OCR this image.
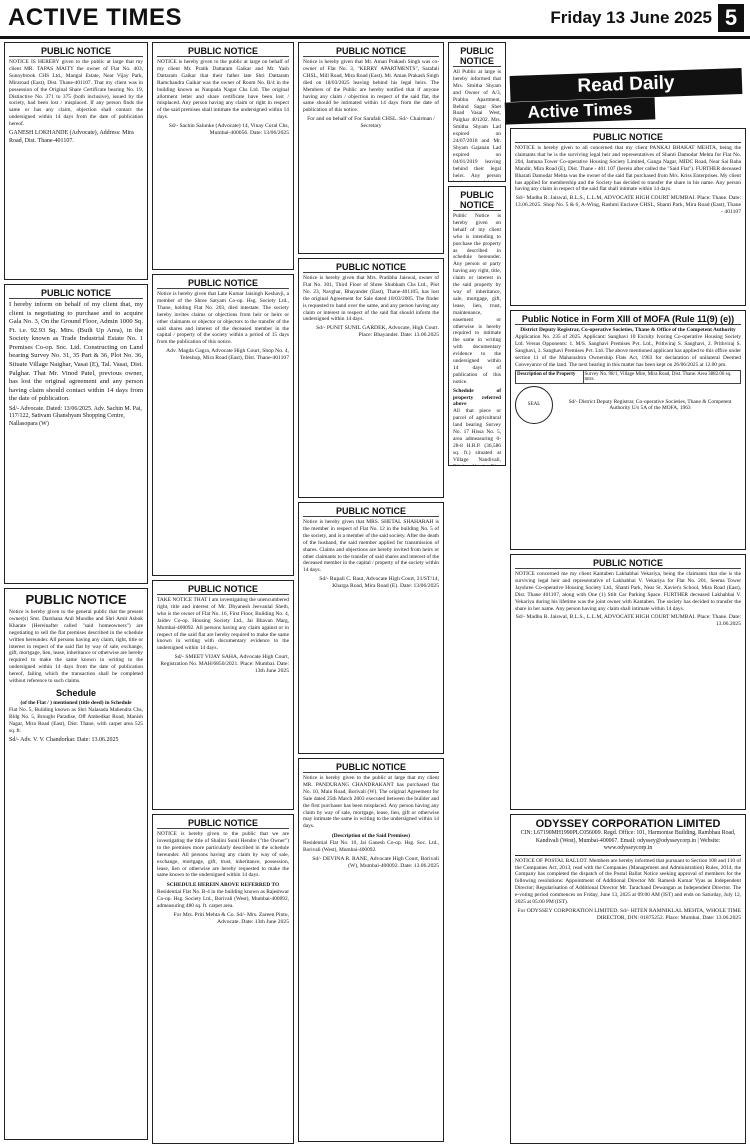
ACTIVE TIMES	Friday 13 June 2025 5
PUBLIC NOTICE
NOTICE IS HEREBY given to the public at large that my client MR. TAPAS MAITY the owner of Flat No. 403, Sunnybrook CHS Ltd., Mangal Estate, Near Vijay Park, Miraroad (East), Dist. Thane-401107. That my client was in possession of the Original Share Certificate bearing No. 19, Distinctive No. 371 to 375 (both inclusive), issued by the society, had been lost / misplaced. If any person finds the same or has any claim, objection shall contact the undersigned within 14 days from the date of publication hereof.
GANESH LOKHANDE (Advocate), Address: Mira Road, Dist. Thane-401107.
PUBLIC NOTICE
I hereby inform on behalf of my client that, my client is negotiating to purchase and to acquire Gala No. 3, On the Ground Floor, Admin 1000 Sq. Ft. i.e. 92.93 Sq. Mtrs. (Built Up Area), in the Society known as Trade Industrial Estate No. 1 Premises Co-op. Soc. Ltd. Constructing on Land bearing Survey No. 31, 35 Part & 36, Plot No. 36, Situate Village Naighar, Vasai (E), Tal. Vasai, Dist. Palghar. That Mr. Vinod Patel, previous owner, has lost the original agreement and any person having claim should contact within 14 days from the date of publication.
Sd/- Advocate. Dated: 13/06/2025. Adv. Sachin M. Pai, 117/122, Sativam Ghanshyam Shopping Centre, Nallasopara (W)
PUBLIC NOTICE
Notice is hereby given to the general public that the present owner(s) Smt. Darshana Anil Mundhe and Shri Amit Ashok Kharate (Hereinafter called "said homeowners") are negotiating to sell the flat premises described in the schedule written hereunder. All persons having any claim, right, title or interest in respect of the said flat by way of sale, exchange, gift, mortgage, lien, lease, inheritance or otherwise are hereby required to make the same known in writing to the undersigned within 14 days from the date of publication hereof, failing which the transaction shall be completed without reference to such claims.
Schedule
(of the Flat / ) mentioned (title deed) in Schedule
Flat No. 5, Building known as Shri Nalasada Mahendra Chs, Bldg No. 5, Brought Paradise, Off Ambedkar Road, Manish Nagar, Mira Road (East), Dist. Thane, with carpet area 525 sq. ft.
Sd/- Adv. V. V. Chandorkar. Date: 13.06.2025
PUBLIC NOTICE
NOTICE is hereby given to the public at large on behalf of my client Mr. Pratik Dattaram Gaikar and Mr. Yash Dattaram Gaikar that their father late Shri Dattaram Ramchandra Gaikar was the owner of Room No. B/4 in the building known as Naupada Nagar Chs Ltd. The original allotment letter and share certificate have been lost / misplaced. Any person having any claim or right in respect of the said premises shall intimate the undersigned within 14 days.
Sd/- Sachin Salunke (Advocate) 14, Vinay Coral Chs, Mumbai-400056. Date: 13/06/2025
PUBLIC NOTICE
Notice is hereby given that Late Kumar Jaisingh Keshavji, a member of the Shree Satyam Co-op. Hsg. Society Ltd., Thane, holding Flat No. 203, died intestate. The society hereby invites claims or objections from heir or heirs or other claimants or objector or objectors to the transfer of the said shares and interest of the deceased member in the capital / property of the society within a period of 15 days from the publication of this notice.
Adv. Magda Gagra, Advocate High Court, Shop No. 4, Teleshop, Mira Road (East), Dist. Thane-401107
PUBLIC NOTICE
TAKE NOTICE THAT I am investigating the unencumbered right, title and interest of Mr. Dhyanesh Jeevanlal Sheth, who is the owner of Flat No. 16, First Floor, Building No. 4, Jaidev Co-op. Housing Society Ltd., Jai Bhavan Marg, Mumbai-400092. All persons having any claim against or in respect of the said flat are hereby required to make the same known in writing with documentary evidence to the undersigned within 14 days.
Sd/- SMEET VIJAY SAHA, Advocate High Court, Registration No. MAH/6850/2021. Place: Mumbai. Date: 13th June 2025
PUBLIC NOTICE
NOTICE is hereby given to the public that we are investigating the title of Shalini Sunil Hendre ("the Owner") to the premises more particularly described in the schedule hereunder. All persons having any claim by way of sale, exchange, mortgage, gift, trust, inheritance, possession, lease, lien or otherwise are hereby requested to make the same known to the undersigned within 14 days.
SCHEDULE HEREIN ABOVE REFERRED TO
Residential Flat No. B-4 in the building known as Rajeshwar Co-op. Hsg. Society Ltd., Borivali (West), Mumbai-400092, admeasuring 480 sq. ft. carpet area.
For Mrs. Priti Mehta & Co. Sd/- Mrs. Zareen Pinto, Advocate. Date: 13th June 2025
PUBLIC NOTICE
Notice is hereby given that Mr. Aman Prakash Singh was co-owner of Flat No. 3, "KERRY APARTMENTS", Sarafali CHSL, Mill Road, Mira Road (East). Mr. Aman Prakash Singh died on 18/03/2025 leaving behind his legal heirs. The Members of the Public are hereby notified that if anyone having any claim / objection in respect of the said flat, the same should be intimated within 14 days from the date of publication of this notice.
For and on behalf of For Sarafali CHSL. Sd/- Chairman / Secretary
PUBLIC NOTICE
Notice is hereby given that Mrs. Pratibha Jaiswal, owner of Flat No. 301, Third Floor of Shree Shubham Chs Ltd., Plot No. 23, Navghar, Bhayander (East), Thane-401105, has lost the original Agreement for Sale dated 18/03/2005. The finder is requested to hand over the same, and any person having any claim or interest in respect of the said flat should inform the undersigned within 14 days.
Sd/- PUNIT SUNIL GARDEK, Advocate, High Court. Place: Bhayander. Date: 13.06.2025
PUBLIC NOTICE
Notice is hereby given that MRS. SHETAL SHAHARAH is the member in respect of Flat No. 12 in the building No. 5 of the society, and is a member of the said society. After the death of the husband, the said member applied for transmission of shares. Claims and objections are hereby invited from heirs or other claimants to the transfer of said shares and interest of the deceased member in the capital / property of the society within 14 days.
Sd/- Rupali C. Raut, Advocate High Court, 21/ST/14, Kharga Road, Mira Road (E). Date: 13/06/2025
PUBLIC NOTICE
Notice is hereby given to the public at large that my client MR. PANDURANG CHANDRAKANT has purchased flat No. 10, Main Road, Borivali (W). The original Agreement for Sale dated 25th March 2003 executed between the builder and the first purchaser has been misplaced. Any person having any claim by way of sale, mortgage, lease, lien, gift or otherwise may intimate the same in writing to the undersigned within 14 days.
(Description of the Said Premises)
Residential Flat No. 10, Jai Ganesh Co-op. Hsg. Soc. Ltd., Borivali (West), Mumbai-400092.
Sd/- DEVINA R. RANE, Advocate High Court, Borivali (W), Mumbai-400092. Date: 13.06.2025
PUBLIC NOTICE
All Public at large is hereby informed that Mrs. Smitha Shyam and Owner of A/3, Prabhu Apartment, Behind Sagar Shet Road Vasai West, Palghar 401202. Mrs. Smitha Shyam Lad expired on 24/07/2018 and Mr. Shyam Gajanan Lad expired on 04/01/2019 leaving behind their legal heirs. Any person
Read Daily
Active Times
PUBLIC NOTICE
Public Notice is hereby given on behalf of my client who is intending to purchase the property as described in schedule hereunder. Any person or party having any right, title, claim or interest in the said property by way of inheritance, sale, mortgage, gift, lease, lien, trust, maintenance, easement or otherwise is hereby required to intimate the same in writing with documentary evidence to the undersigned within 14 days of publication of this notice.
Schedule of property referred above
All that piece or parcel of agricultural land bearing Survey No. 17 Hissa No. 5, area admeasuring 0-28-8 H.R.P. (36,586 sq. ft.) situated at Village Nandivali,
PUBLIC NOTICE
NOTICE is hereby given to all concerned that my client PANKAJ BHAKAT MEHTA, being the claimants that he is the surviving legal heir and representatives of Shanti Damodar Mehta for Flat No. 204, Jamuna Tower Co-operative Housing Society Limited, Ganga Nagar, MIDC Road, Near Sai Baba Mandir, Mira Road (E), Dist. Thane - 401 107 (herein after called the "Said Flat"). FURTHER deceased Bharati Damodar Mehta was the owner of the said flat purchased from M/s. Kriss Enterprises. My client has applied for membership and the Society has decided to transfer the share in his name. Any person having any claim in respect of the said flat shall intimate within 14 days.
Sd/- Madhu R. Jaiswal, B.L.S., L.L.M, ADVOCATE HIGH COURT MUMBAI. Place: Thane. Date: 13.06.2025. Shop No. 5 & 6, A-Wing, Rashmi Enclave CHSL, Shanti Park, Mira Road (East), Thane - 401107
Public Notice in Form XIII of MOFA (Rule 11(9) (e))
District Deputy Registrar, Co-operative Societies, Thane & Office of the Competent Authority
Application No. 235 of 2025. Applicant: Sanghavi 10 Exculty Ivoring Co-operative Housing Society Ltd. Versus Opponents: 1. M/S. Sanghavi Premises Pvt. Ltd., Prithviraj S. Sanghavi, 2. Prithviraj S. Sanghavi, 3. Sanghavi Premises Pvt. Ltd. The above mentioned applicant has applied to this office under section 11 of the Maharashtra Ownership Flats Act, 1963 for declaration of unilateral Deemed Conveyance of the land. The next hearing in this matter has been kept on 26/06/2025 at 12.00 pm.
Description of the Property	Survey No. 98/1, Village Mire, Mira Road, Dist. Thane. Area 3882.06 sq. mtrs.
SEAL
Sd/- District Deputy Registrar, Co-operative Societies, Thane & Competent Authority U/s 5A of the MOFA, 1963
PUBLIC NOTICE
NOTICE concerned me my client Kantaben Lakhabhai Vekariya, being the claimants that she is the surviving legal heir and representative of Lakhabhai V. Vekariya for Flat No. 201, Seema Tower Jayshree Co-operative Housing Society Ltd., Shanti Park, Near St. Xavier's School, Mira Road (East), Dist. Thane 401107, along with One (1) Stilt Car Parking Space. FURTHER deceased Lakhabhai V. Vekariya during his lifetime was the joint owner with Kantaben. The society has decided to transfer the share in her name. Any person having any claim shall intimate within 14 days.
Sd/- Madhu R. Jaiswal, B.L.S., L.L.M, ADVOCATE HIGH COURT MUMBAI. Place: Thane. Date: 13.06.2025
ODYSSEY CORPORATION LIMITED
CIN: L67190MH1990PLC056009. Regd. Office: 101, Harmonise Building, Rambhau Road, Kandivali (West), Mumbai-400067. Email: odyssey@odysseycorp.in | Website: www.odysseycorp.in
NOTICE OF POSTAL BALLOT. Members are hereby informed that pursuant to Section 108 and 110 of the Companies Act, 2013, read with the Companies (Management and Administration) Rules, 2014, the Company has completed the dispatch of the Postal Ballot Notice seeking approval of members for the following resolutions: Appointment of Additional Director Mr. Ramesh Kumar Vyas as Independent Director; Regularisation of Additional Director Mr. Tarachand Dewangan as Independent Director. The e-voting period commences on Friday, June 13, 2025 at 09:00 AM (IST) and ends on Saturday, July 12, 2025 at 05:00 PM (IST).
For ODYSSEY CORPORATION LIMITED. Sd/- HITEN RAMNIKLAL MEHTA, WHOLE TIME DIRECTOR, DIN: 01875252. Place: Mumbai. Date: 13.06.2025
